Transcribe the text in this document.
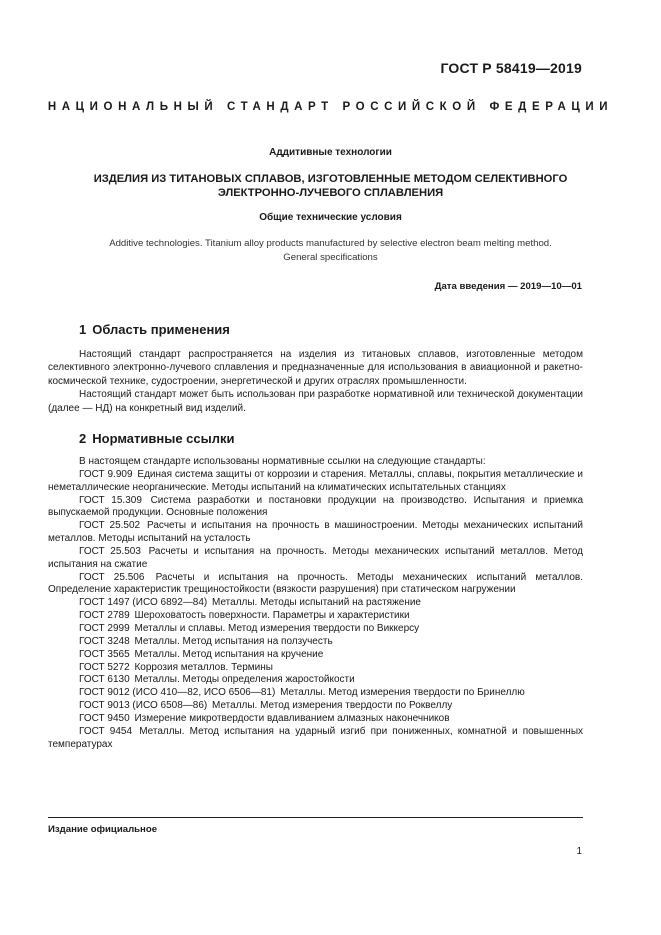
ГОСТ Р 58419—2019
НАЦИОНАЛЬНЫЙ СТАНДАРТ РОССИЙСКОЙ ФЕДЕРАЦИИ
Аддитивные технологии
ИЗДЕЛИЯ ИЗ ТИТАНОВЫХ СПЛАВОВ, ИЗГОТОВЛЕННЫЕ МЕТОДОМ СЕЛЕКТИВНОГО
ЭЛЕКТРОННО-ЛУЧЕВОГО СПЛАВЛЕНИЯ
Общие технические условия
Additive technologies. Titanium alloy products manufactured by selective electron beam melting method.
General specifications
Дата введения — 2019—10—01
1 Область применения

Настоящий стандарт распространяется на изделия из титановых сплавов, изготовленные методом селективного электронно-лучевого сплавления и предназначенные для использования в авиационной и ракетно-космической технике, судостроении, энергетической и других отраслях промышленности.

Настоящий стандарт может быть использован при разработке нормативной или технической документации (далее — НД) на конкретный вид изделий.

2 Нормативные ссылки

В настоящем стандарте использованы нормативные ссылки на следующие стандарты:

ГОСТ 9.909 Единая система защиты от коррозии и старения. Металлы, сплавы, покрытия металлические и неметаллические неорганические. Методы испытаний на климатических испытательных станциях

ГОСТ 15.309 Система разработки и постановки продукции на производство. Испытания и приемка выпускаемой продукции. Основные положения

ГОСТ 25.502 Расчеты и испытания на прочность в машиностроении. Методы механических испытаний металлов. Методы испытаний на усталость

ГОСТ 25.503 Расчеты и испытания на прочность. Методы механических испытаний металлов. Метод испытания на сжатие

ГОСТ 25.506 Расчеты и испытания на прочность. Методы механических испытаний металлов. Определение характеристик трещиностойкости (вязкости разрушения) при статическом нагружении

ГОСТ 1497 (ИСО 6892—84) Металлы. Методы испытаний на растяжение

ГОСТ 2789 Шероховатость поверхности. Параметры и характеристики

ГОСТ 2999 Металлы и сплавы. Метод измерения твердости по Виккерсу

ГОСТ 3248 Металлы. Метод испытания на ползучесть

ГОСТ 3565 Металлы. Метод испытания на кручение

ГОСТ 5272 Коррозия металлов. Термины

ГОСТ 6130 Металлы. Методы определения жаростойкости

ГОСТ 9012 (ИСО 410—82, ИСО 6506—81) Металлы. Метод измерения твердости по Бринеллю

ГОСТ 9013 (ИСО 6508—86) Металлы. Метод измерения твердости по Роквеллу

ГОСТ 9450 Измерение микротвердости вдавливанием алмазных наконечников

ГОСТ 9454 Металлы. Метод испытания на ударный изгиб при пониженных, комнатной и повышенных температурах

Издание официальное
1
